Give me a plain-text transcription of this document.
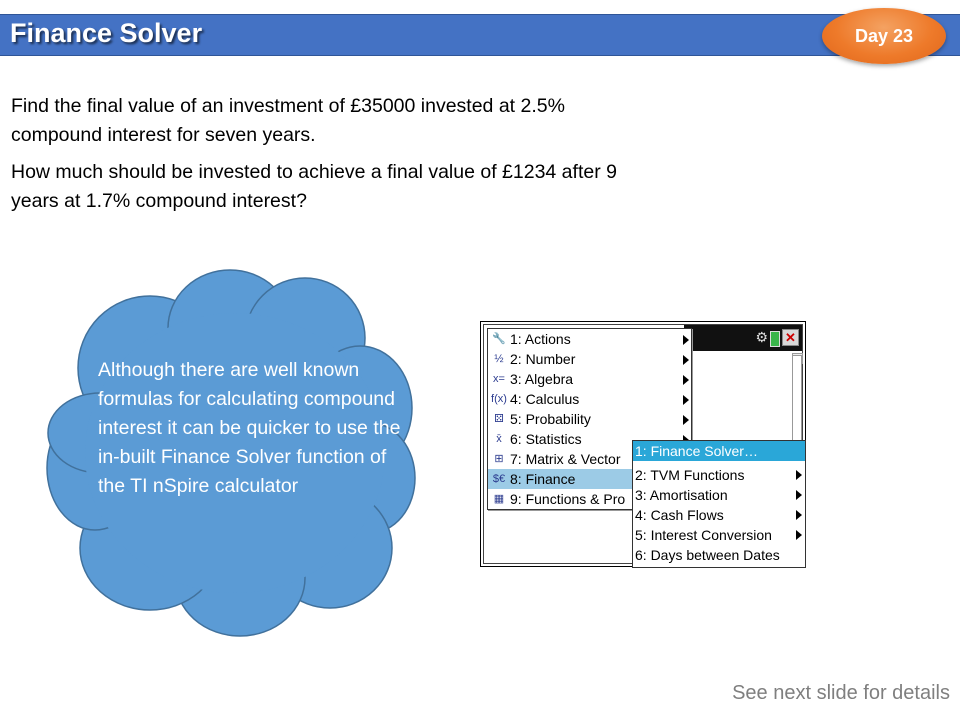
Finance Solver	Day 23
Find the final value of an investment of £35000 invested at 2.5% compound interest for seven years.
How much should be invested to achieve a final value of £1234 after 9 years at 1.7% compound interest?
Although there are well known formulas for calculating compound interest it can be quicker to use the in-built Finance Solver function of the TI nSpire calculator
⚙ ✕
🔧 1: Actions
½ 2: Number
x= 3: Algebra
f(x) 4: Calculus
⚄ 5: Probability
x̄ 6: Statistics
⊞ 7: Matrix & Vector
$€ 8: Finance
▦ 9: Functions & Pro
1: Finance Solver…
2: TVM Functions
3: Amortisation
4: Cash Flows
5: Interest Conversion
6: Days between Dates
See next slide for details
